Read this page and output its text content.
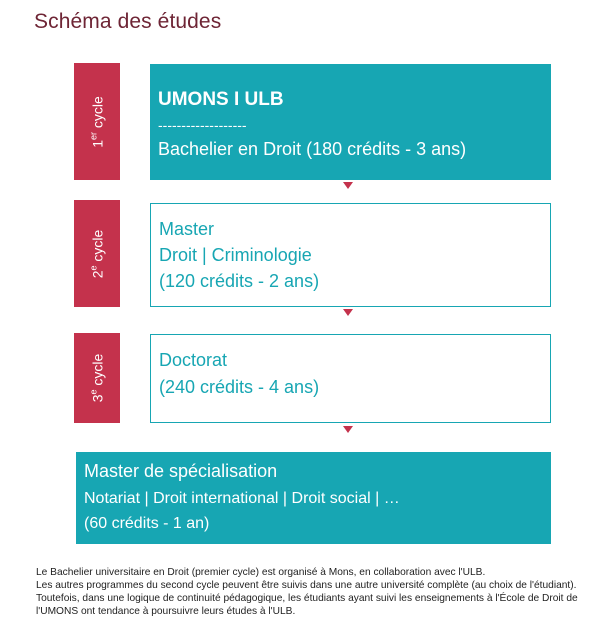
Schéma des études
1er cycle	UMONS I ULB
-------------------
Bachelier en Droit (180 crédits - 3 ans)
2e cycle
Master
Droit | Criminologie
(120 crédits - 2 ans)
3e cycle	Doctorat
(240 crédits - 4 ans)
Master de spécialisation
Notariat | Droit international | Droit social | …
(60 crédits - 1 an)

Le Bachelier universitaire en Droit (premier cycle) est organisé à Mons, en collaboration avec l'ULB.

Les autres programmes du second cycle peuvent être suivis dans une autre université complète (au choix de l'étudiant). Toutefois, dans une logique de continuité pédagogique, les étudiants ayant suivi les enseignements à l'École de Droit de l'UMONS ont tendance à poursuivre leurs études à l'ULB.
